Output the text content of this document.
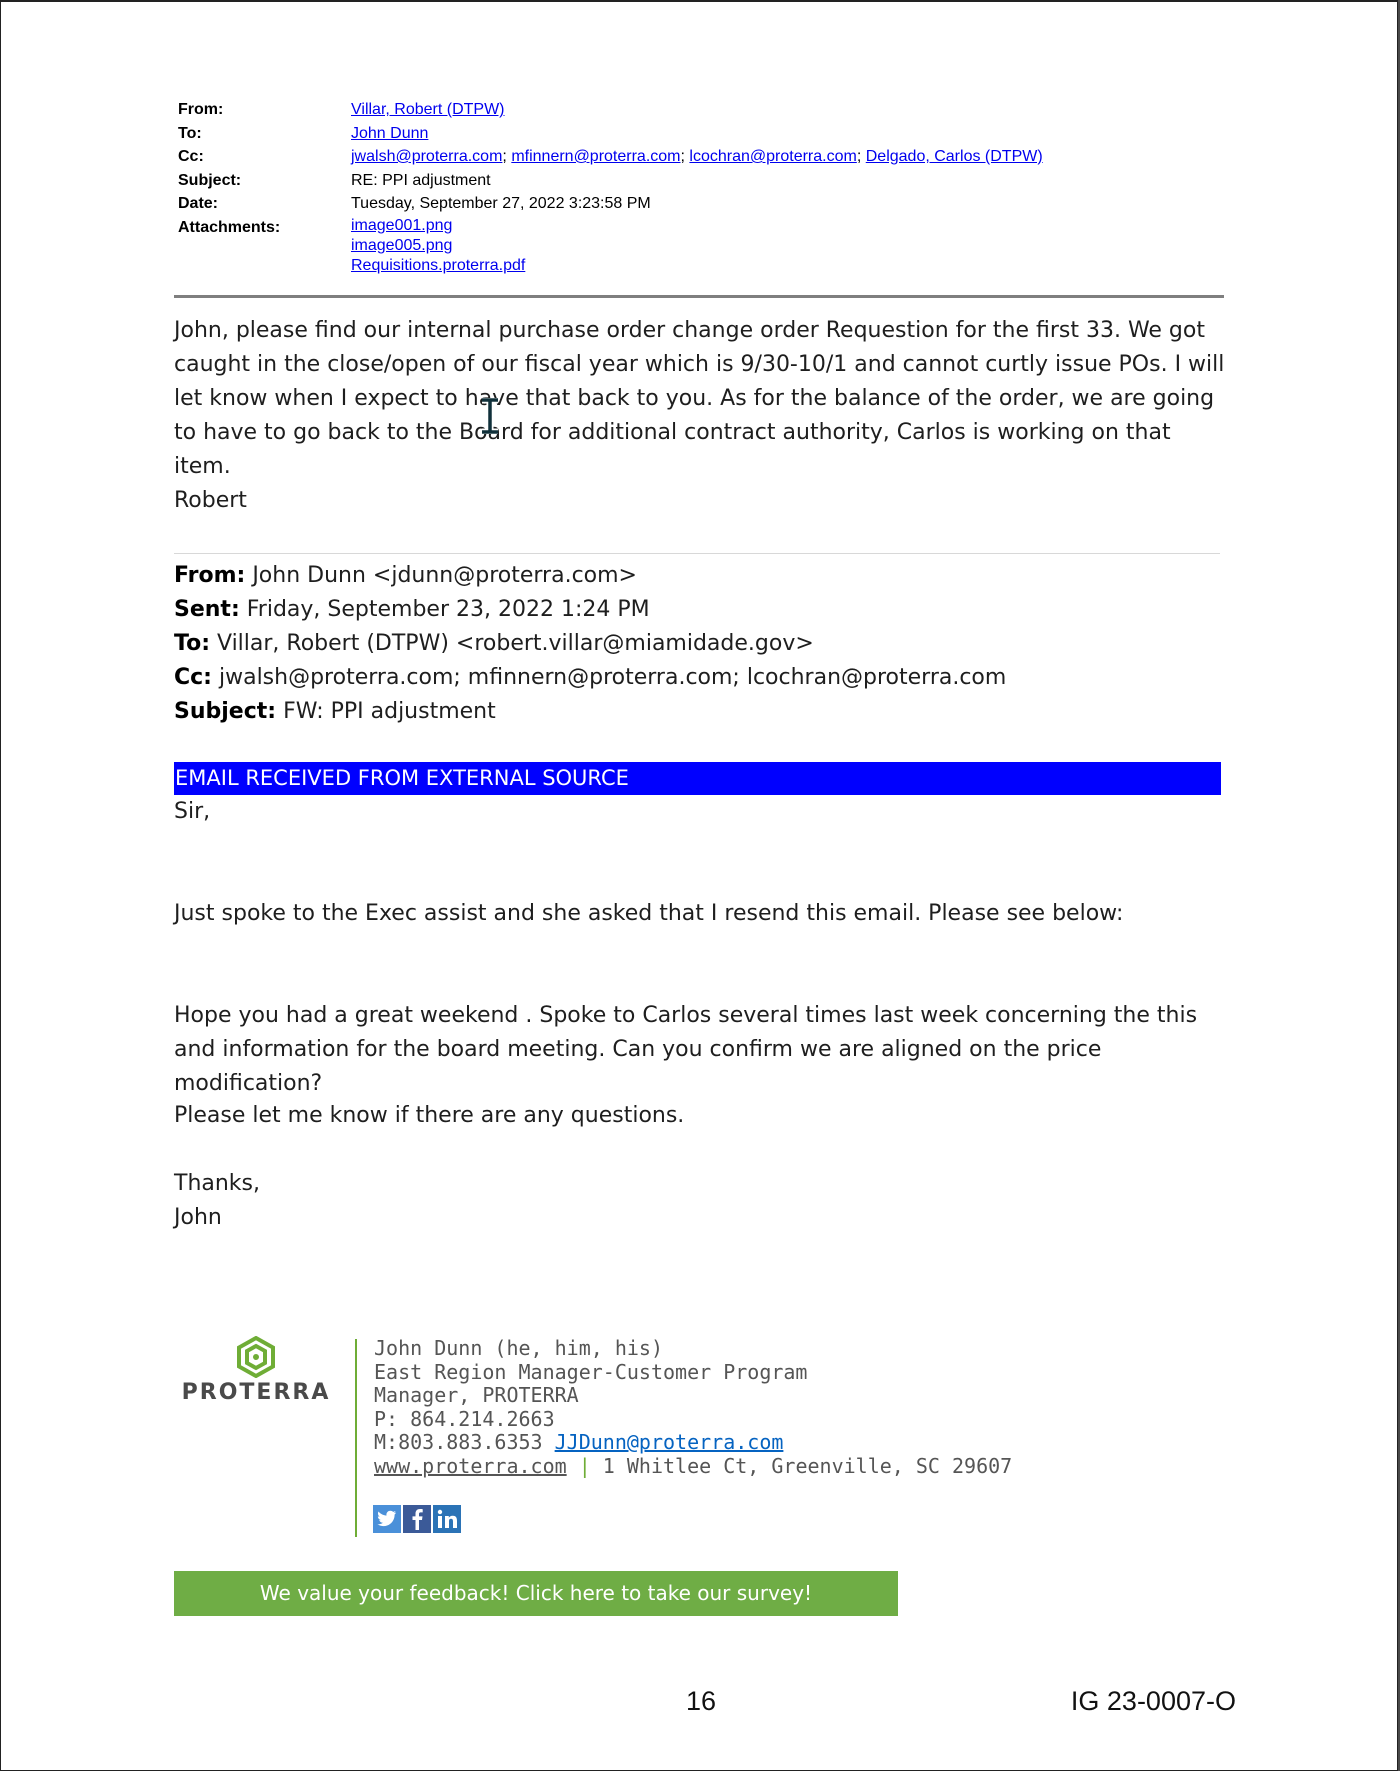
From:	Villar, Robert (DTPW)
To:	John Dunn
Cc:	jwalsh@proterra.com; mfinnern@proterra.com; lcochran@proterra.com; Delgado, Carlos (DTPW)
Subject:	RE: PPI adjustment
Date:	Tuesday, September 27, 2022 3:23:58 PM
Attachments:	image001.png
image005.png
Requisitions.proterra.pdf
John, please find our internal purchase order change order Requestion for the first 33. We got caught in the close/open of our fiscal year which is 9/30-10/1 and cannot curtly issue POs. I will let know when I expect to have that back to you. As for the balance of the order, we are going to have to go back to the Board for additional contract authority, Carlos is working on that item.
Robert
From: John Dunn <jdunn@proterra.com>
Sent: Friday, September 23, 2022 1:24 PM
To: Villar, Robert (DTPW) <robert.villar@miamidade.gov>
Cc: jwalsh@proterra.com; mfinnern@proterra.com; lcochran@proterra.com
Subject: FW: PPI adjustment
EMAIL RECEIVED FROM EXTERNAL SOURCE
Sir,
Just spoke to the Exec assist and she asked that I resend this email. Please see below:
Hope you had a great weekend . Spoke to Carlos several times last week concerning the this and information for the board meeting. Can you confirm we are aligned on the price modification?
Please let me know if there are any questions.
Thanks,
John
PROTERRA
John Dunn (he, him, his)
East Region Manager-Customer Program
Manager, PROTERRA
P: 864.214.2663
M:803.883.6353 JJDunn@proterra.com
www.proterra.com | 1 Whitlee Ct, Greenville, SC 29607
We value your feedback! Click here to take our survey!
16	IG 23-0007-O
